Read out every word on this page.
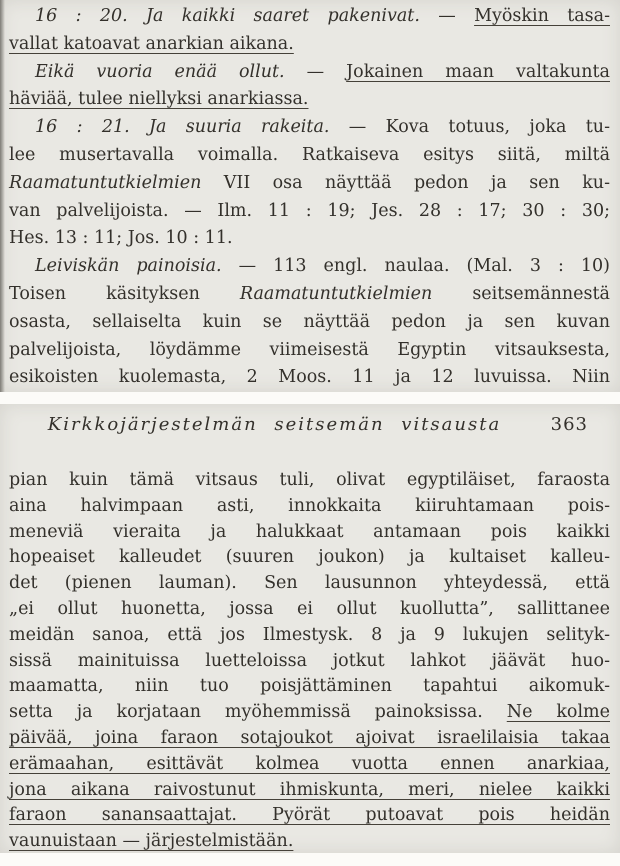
16 : 20. Ja kaikki saaret pakenivat. — Myöskin tasa-
vallat katoavat anarkian aikana.
Eikä vuoria enää ollut. — Jokainen maan valtakunta
häviää, tulee niellyksi anarkiassa.
16 : 21. Ja suuria rakeita. — Kova totuus, joka tu-
lee musertavalla voimalla. Ratkaiseva esitys siitä, miltä
Raamatuntutkielmien VII osa näyttää pedon ja sen ku-
van palvelijoista. — Ilm. 11 : 19; Jes. 28 : 17; 30 : 30;
Hes. 13 : 11; Jos. 10 : 11.
Leiviskän painoisia. — 113 engl. naulaa. (Mal. 3 : 10)
Toisen käsityksen Raamatuntutkielmien seitsemännestä
osasta, sellaiselta kuin se näyttää pedon ja sen kuvan
palvelijoista, löydämme viimeisestä Egyptin vitsauksesta,
esikoisten kuolemasta, 2 Moos. 11 ja 12 luvuissa. Niin
Kirkkojärjestelmän seitsemän vitsausta	363
pian kuin tämä vitsaus tuli, olivat egyptiläiset, faraosta
aina halvimpaan asti, innokkaita kiiruhtamaan pois-
meneviä vieraita ja halukkaat antamaan pois kaikki
hopeaiset kalleudet (suuren joukon) ja kultaiset kalleu-
det (pienen lauman). Sen lausunnon yhteydessä, että
„ei ollut huonetta, jossa ei ollut kuollutta”, sallittanee
meidän sanoa, että jos Ilmestysk. 8 ja 9 lukujen selityk-
sissä mainituissa luetteloissa jotkut lahkot jäävät huo-
maamatta, niin tuo poisjättäminen tapahtui aikomuk-
setta ja korjataan myöhemmissä painoksissa. Ne kolme
päivää, joina faraon sotajoukot ajoivat israelilaisia takaa
erämaahan, esittävät kolmea vuotta ennen anarkiaa,
jona aikana raivostunut ihmiskunta, meri, nielee kaikki
faraon sanansaattajat. Pyörät putoavat pois heidän
vaunuistaan — järjestelmistään.
